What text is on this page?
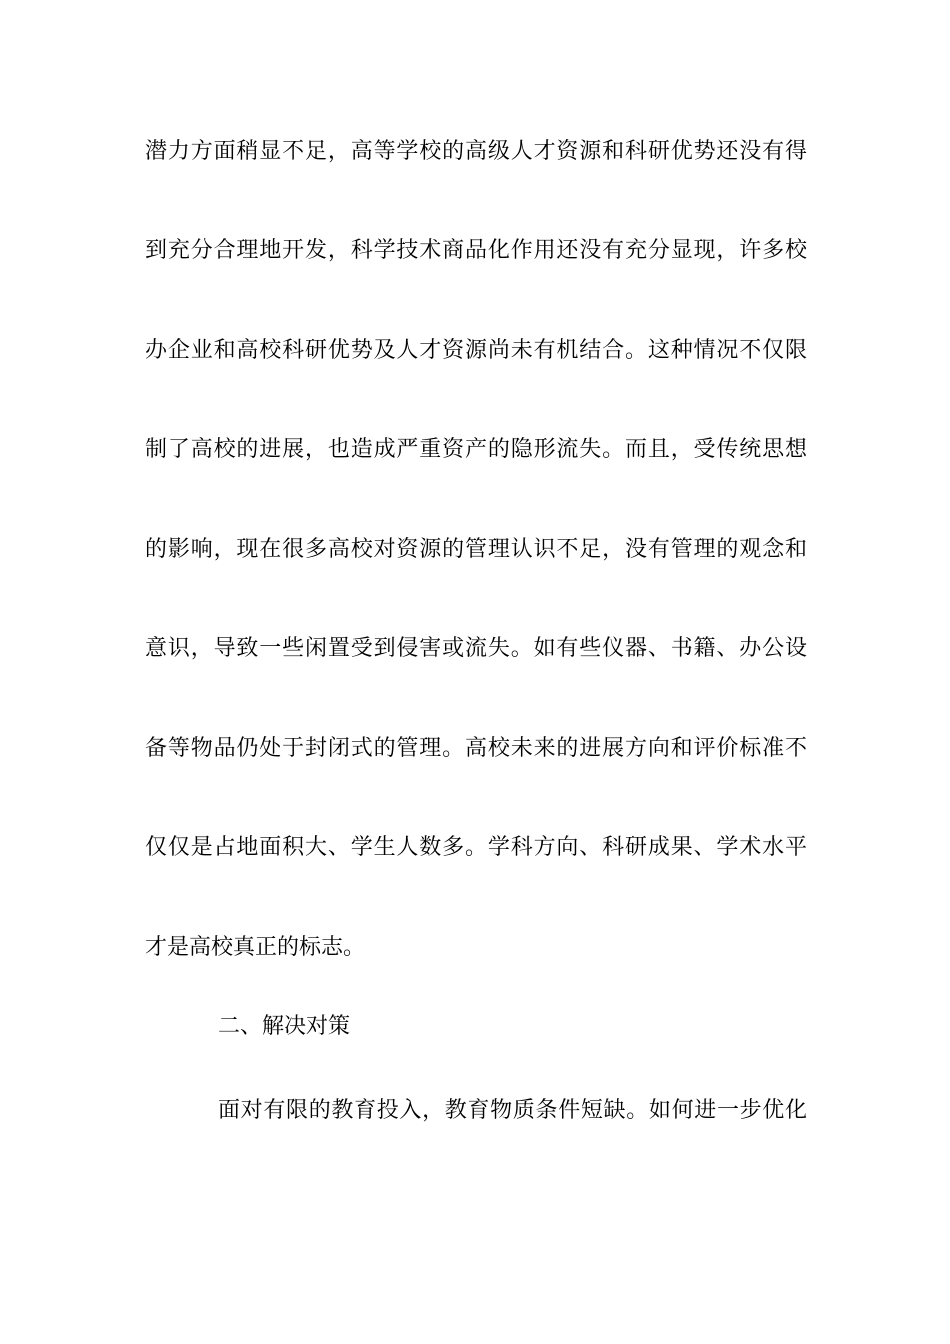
潜力方面稍显不足，高等学校的高级人才资源和科研优势还没有得
到充分合理地开发，科学技术商品化作用还没有充分显现，许多校
办企业和高校科研优势及人才资源尚未有机结合。这种情况不仅限
制了高校的进展，也造成严重资产的隐形流失。而且，受传统思想
的影响，现在很多高校对资源的管理认识不足，没有管理的观念和
意识，导致一些闲置受到侵害或流失。如有些仪器、书籍、办公设
备等物品仍处于封闭式的管理。高校未来的进展方向和评价标准不
仅仅是占地面积大、学生人数多。学科方向、科研成果、学术水平
才是高校真正的标志。
二、解决对策
面对有限的教育投入，教育物质条件短缺。如何进一步优化
